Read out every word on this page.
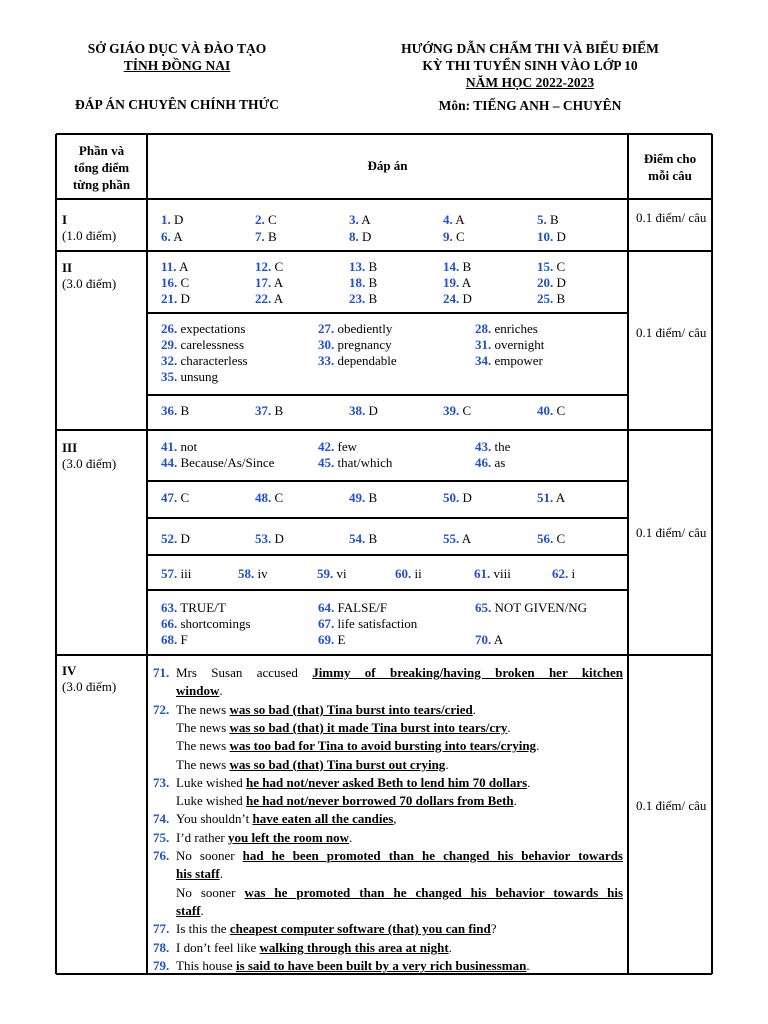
SỞ GIÁO DỤC VÀ ĐÀO TẠO
TỈNH ĐỒNG NAI
ĐÁP ÁN CHUYÊN CHÍNH THỨC
HƯỚNG DẪN CHẤM THI VÀ BIỂU ĐIỂM
KỲ THI TUYỂN SINH VÀO LỚP 10
NĂM HỌC 2022-2023
Môn: TIẾNG ANH – CHUYÊN
Phần và tổng điểm từng phần
Đáp án	Điểm cho mỗi câu
I
(1.0 điểm)
1. D	2. C	3. A	4. A	5. B
6. A	7. B	8. D	9. C	10. D
0.1 điểm/ câu
II
(3.0 điểm)
11. A	12. C	13. B	14. B	15. C
16. C	17. A	18. B	19. A	20. D
21. D	22. A	23. B	24. D	25. B
26. expectations	27. obediently	28. enriches
29. carelessness	30. pregnancy	31. overnight
32. characterless	33. dependable	34. empower
35. unsung
36. B	37. B	38. D	39. C	40. C
0.1 điểm/ câu
III
(3.0 điểm)
41. not	42. few	43. the
44. Because/As/Since	45. that/which	46. as
47. C	48. C	49. B	50. D	51. A
52. D	53. D	54. B	55. A	56. C
57. iii	58. iv	59. vi	60. ii	61. viii	62. i
63. TRUE/T	64. FALSE/F	65. NOT GIVEN/NG
66. shortcomings	67. life satisfaction
68. F	69. E	70. A
0.1 điểm/ câu
IV
(3.0 điểm)
0.1 điểm/ câu
71. Mrs Susan accused Jimmy of breaking/having broken her kitchen
window.
72. The news was so bad (that) Tina burst into tears/cried.
The news was so bad (that) it made Tina burst into tears/cry.
The news was too bad for Tina to avoid bursting into tears/crying.
The news was so bad (that) Tina burst out crying.
73. Luke wished he had not/never asked Beth to lend him 70 dollars.
Luke wished he had not/never borrowed 70 dollars from Beth.
74. You shouldn’t have eaten all the candies,
75. I’d rather you left the room now.
76. No sooner had he been promoted than he changed his behavior towards
his staff.
No sooner was he promoted than he changed his behavior towards his
staff.
77. Is this the cheapest computer software (that) you can find?
78. I don’t feel like walking through this area at night.
79. This house is said to have been built by a very rich businessman.
